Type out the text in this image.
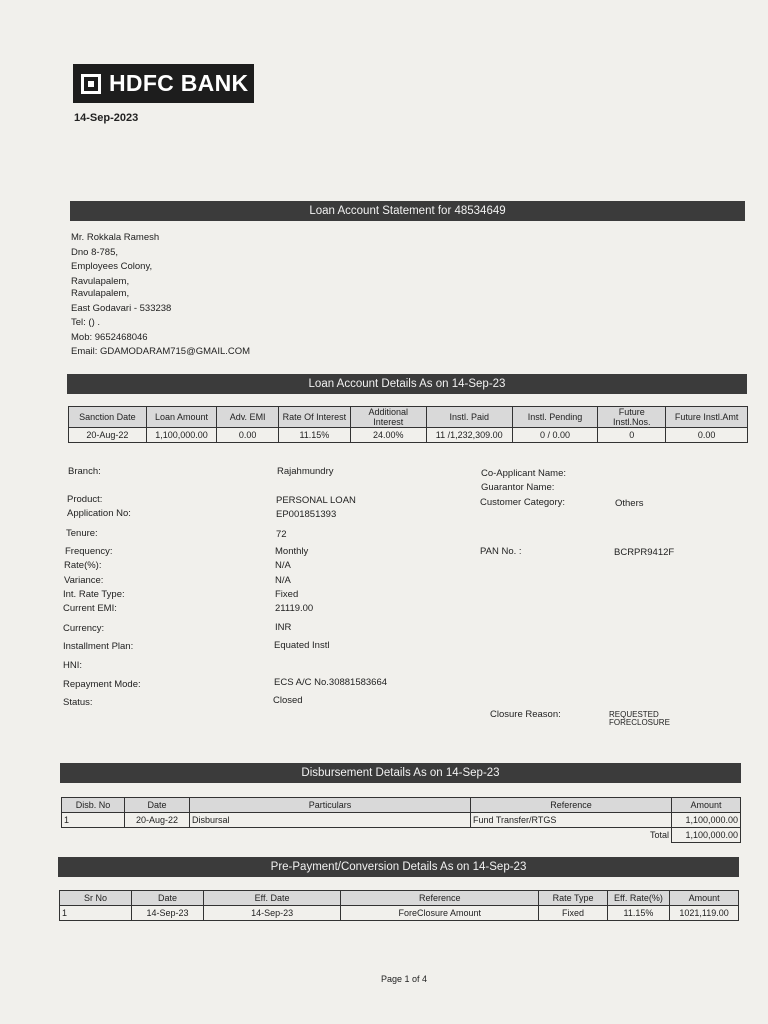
HDFC BANK
14-Sep-2023
Loan Account Statement for 48534649
Mr. Rokkala Ramesh
Dno 8-785,
Employees Colony,
Ravulapalem,
Ravulapalem,
East Godavari - 533238
Tel: () .
Mob: 9652468046
Email: GDAMODARAM715@GMAIL.COM
Loan Account Details As on 14-Sep-23
Sanction Date	Loan Amount	Adv. EMI	Rate Of Interest	Additional Interest	Instl. Paid	Instl. Pending	Future Instl.Nos.	Future Instl.Amt
20-Aug-22	1,100,000.00	0.00	11.15%	24.00%	11 /1,232,309.00	0 / 0.00	0	0.00
Branch:	Rajahmundry
Product:	PERSONAL LOAN
Application No:	EP001851393
Tenure:	72
Frequency:	Monthly
Rate(%):	N/A
Variance:	N/A
Int. Rate Type:	Fixed
Current EMI:	21119.00
Currency:	INR
Installment Plan:	Equated Instl
HNI:
Repayment Mode:	ECS A/C No.30881583664
Status:	Closed
Co-Applicant Name:
Guarantor Name:
Customer Category:	Others
PAN No. :	BCRPR9412F
Closure Reason:	REQUESTED
FORECLOSURE
Disbursement Details As on 14-Sep-23
Disb. No	Date	Particulars	Reference	Amount
1	20-Aug-22	Disbursal	Fund Transfer/RTGS	1,100,000.00
Total				1,100,000.00
Pre-Payment/Conversion Details As on 14-Sep-23
Sr No	Date	Eff. Date	Reference	Rate Type	Eff. Rate(%)	Amount
1	14-Sep-23	14-Sep-23	ForeClosure Amount	Fixed	11.15%	1021,119.00
Page 1 of 4
